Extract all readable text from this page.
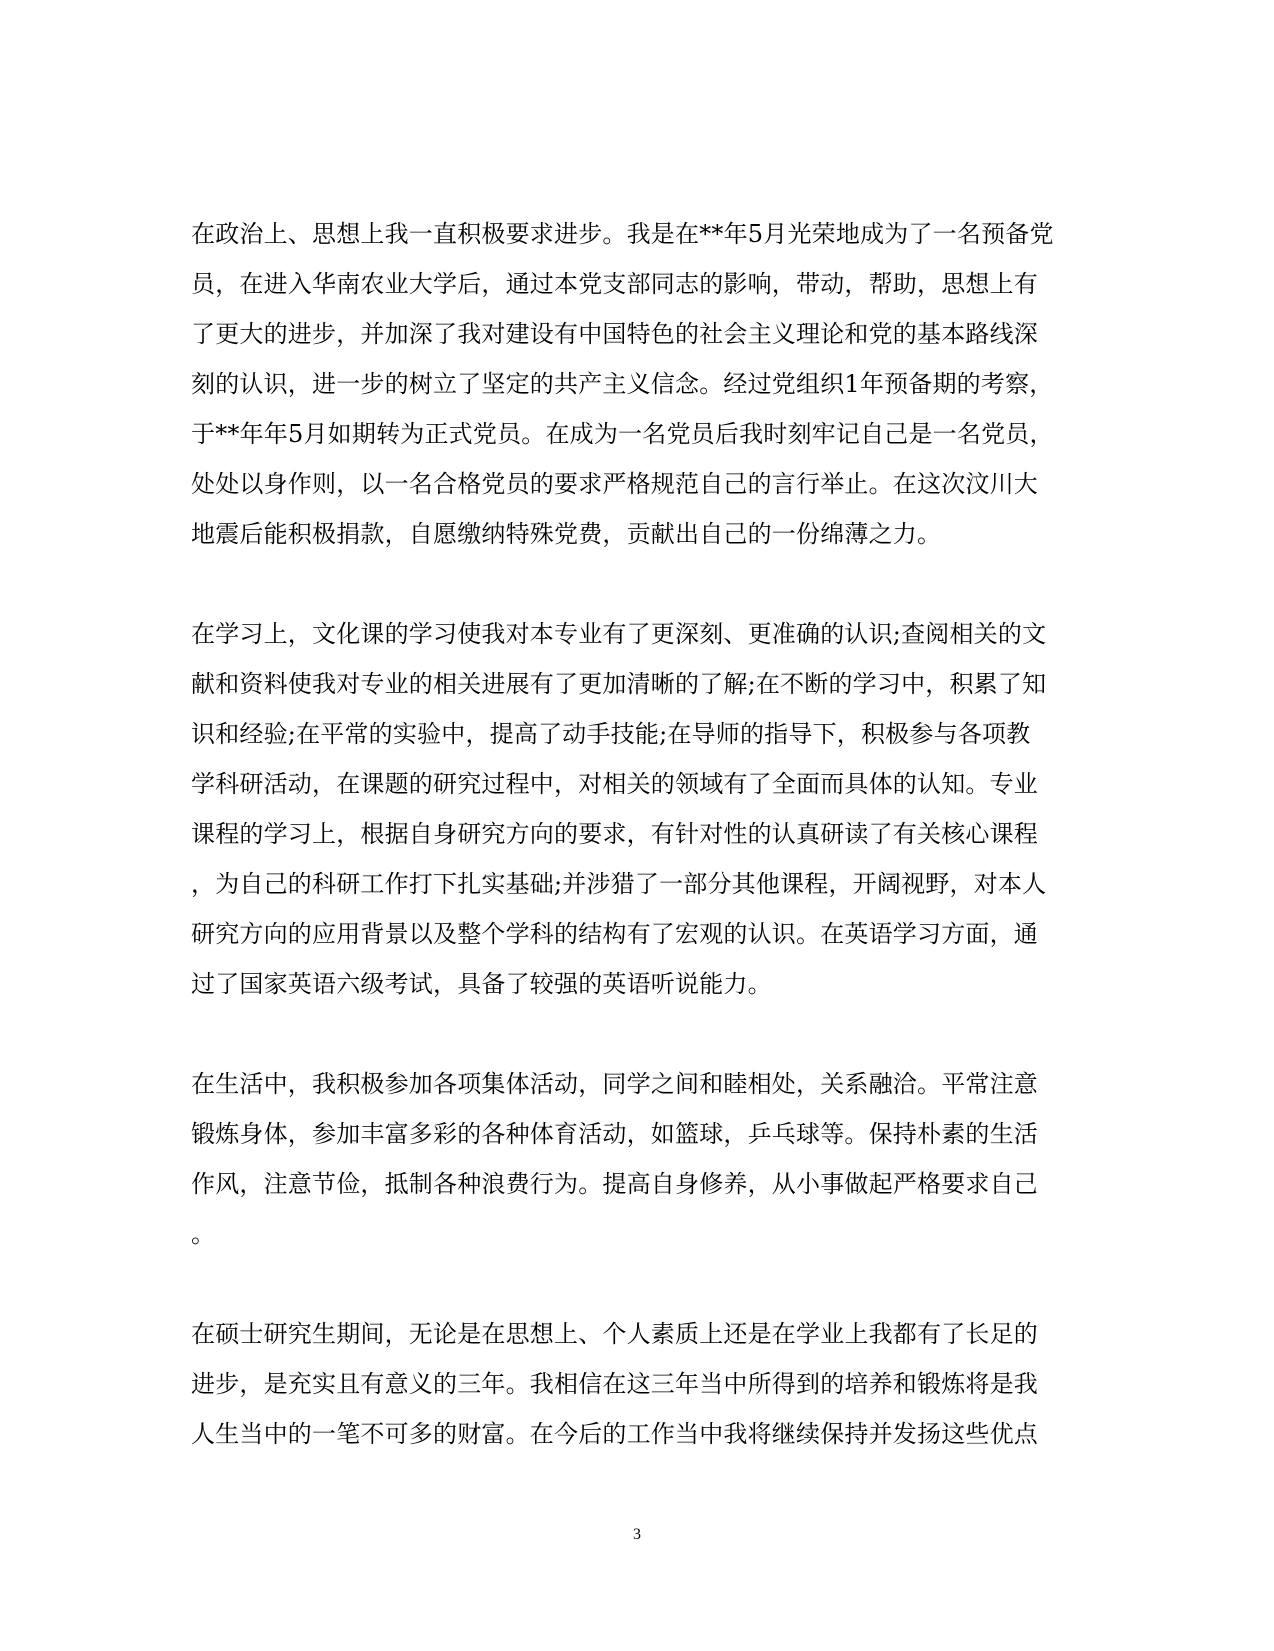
在政治上、思想上我一直积极要求进步。我是在**年5月光荣地成为了一名预备党
员，在进入华南农业大学后，通过本党支部同志的影响，带动，帮助，思想上有
了更大的进步，并加深了我对建设有中国特色的社会主义理论和党的基本路线深
刻的认识，进一步的树立了坚定的共产主义信念。经过党组织1年预备期的考察，
于**年年5月如期转为正式党员。在成为一名党员后我时刻牢记自己是一名党员，
处处以身作则，以一名合格党员的要求严格规范自己的言行举止。在这次汶川大
地震后能积极捐款，自愿缴纳特殊党费，贡献出自己的一份绵薄之力。
在学习上，文化课的学习使我对本专业有了更深刻、更准确的认识;查阅相关的文
献和资料使我对专业的相关进展有了更加清晰的了解;在不断的学习中，积累了知
识和经验;在平常的实验中，提高了动手技能;在导师的指导下，积极参与各项教
学科研活动，在课题的研究过程中，对相关的领域有了全面而具体的认知。专业
课程的学习上，根据自身研究方向的要求，有针对性的认真研读了有关核心课程
，为自己的科研工作打下扎实基础;并涉猎了一部分其他课程，开阔视野，对本人
研究方向的应用背景以及整个学科的结构有了宏观的认识。在英语学习方面，通
过了国家英语六级考试，具备了较强的英语听说能力。
在生活中，我积极参加各项集体活动，同学之间和睦相处，关系融洽。平常注意
锻炼身体，参加丰富多彩的各种体育活动，如篮球，乒乓球等。保持朴素的生活
作风，注意节俭，抵制各种浪费行为。提高自身修养，从小事做起严格要求自己
。
在硕士研究生期间，无论是在思想上、个人素质上还是在学业上我都有了长足的
进步，是充实且有意义的三年。我相信在这三年当中所得到的培养和锻炼将是我
人生当中的一笔不可多的财富。在今后的工作当中我将继续保持并发扬这些优点
3
